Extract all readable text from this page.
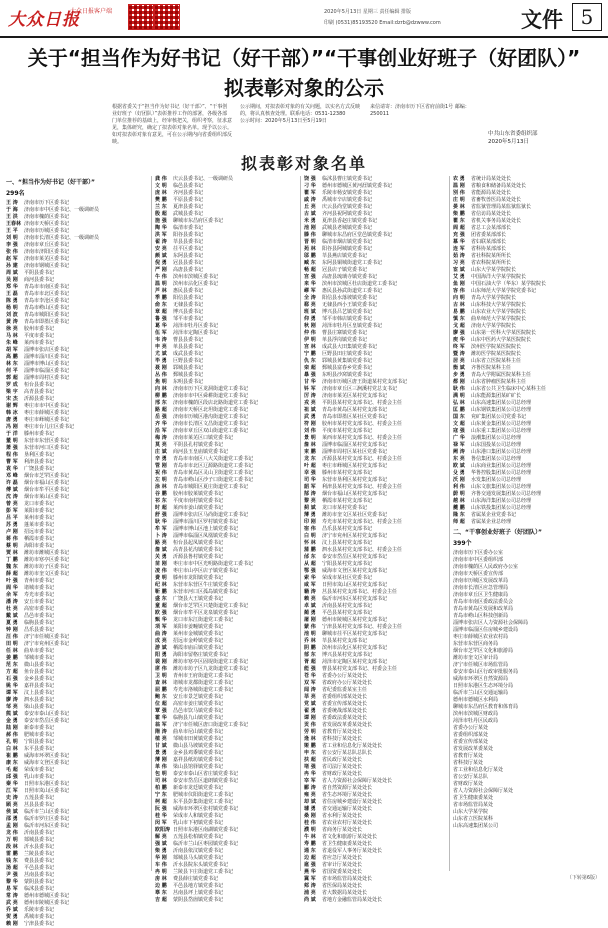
大众日报
大众日报客户端	2020年5月13日 星期三 责任编辑 排版
印刷 (0531)85193520 Email:dzrb@dzwww.com	文件 5
关于“担当作为好书记（好干部）”“干事创业好班子（好团队）”
拟表彰对象的公示
根据省委关于“担当作为好书记（好干部）”、“干事创业好班子（好团队）”表彰推荐工作的部署，各级各部门单位推荐的基础上，经审核把关，组织考察，征求意见，集体研究，确定了拟表彰对象名单。现予以公示。 如对拟表彰对象有意见，可在公示期内向省委组织部反映。
公示期间，对拟表彰对象的有关问题，以实名方式反映的，将认真核查处理。联系电话：0531-12380
公示时间：2020年5月13日至5月19日
来信请寄：济南市历下区省府前街1号 邮编：250011
中共山东省委组织部
2020年5月13日
拟表彰对象名单
一、“担当作为好书记（好干部）”
299名
王 涛	济南市历下区委书记
于 海	济南市市中区委书记、一级调研员
王 洪	济南市槐荫区委书记
王春林 济南市天桥区委书记
王 平	济南市历城区委书记
刘 明	济南市长清区委书记、一级调研员
李 强	济南市章丘区委书记
张 伟	济南市济阳区委书记
赵 军	济南市莱芜区委书记
孙 建	济南市钢城区委书记
周 斌	平阴县委书记
吴 刚	商河县委书记
郑 华	青岛市市南区委书记
王 磊	青岛市市北区委书记
陈 勇	青岛市李沧区委书记
杨 明	青岛市崂山区委书记
刘 波	青岛市城阳区委书记
黄 涛	青岛市即墨区委书记
徐 亮	胶州市委书记
马 林	平度市委书记
朱 峰	莱西市委书记
胡 军	淄博市张店区委书记
高 鹏	淄博市淄川区委书记
林 东	淄博市博山区委书记
何 平	淄博市临淄区委书记
郭 超	淄博市周村区委书记
罗 成	桓台县委书记
梁 宇	高青县委书记
宋 杰	沂源县委书记
谢 辉	枣庄市市中区委书记
韩 冰	枣庄市薛城区委书记
唐 勇	枣庄市峄城区委书记
冯 刚	枣庄市台儿庄区委书记
于 洋	滕州市委书记
董 明	东营市东营区委书记
萧 强	东营市河口区委书记
程 伟	垦利区委书记
曹 军	利津县委书记
袁 华	广饶县委书记
邓 峰	烟台市芝罘区委书记
许 磊	烟台市福山区委书记
傅 斌	烟台市牟平区委书记
沈 涛	烟台市莱山区委书记
曾 亮	龙口市委书记
彭 军	莱阳市委书记
吕 平	莱州市委书记
苏 勇	蓬莱市委书记
卢 刚	招远市委书记
蒋 伟	栖霞市委书记
蔡 明	海阳市委书记
贾 林	潍坊市潍城区委书记
丁 鹏	潍坊市寒亭区委书记
魏 东	潍坊市坊子区委书记
薛 超	潍坊市奎文区委书记
叶 强	青州市委书记
阎 华	诸城市委书记
余 军	寿光市委书记
潘 涛	安丘市委书记
杜 亮	高密市委书记
戴 斌	昌邑市委书记
夏 勇	临朐县委书记
钟 刚	昌乐县委书记
汪 伟	济宁市任城区委书记
田 明	济宁市兖州区委书记
任 林	曲阜市委书记
姜 鹏	邹城市委书记
范 东	微山县委书记
方 超	鱼台县委书记
石 强	金乡县委书记
姚 华	嘉祥县委书记
谭 军	汶上县委书记
廖 涛	泗水县委书记
邹 亮	梁山县委书记
熊 斌	泰安市泰山区委书记
金 勇	泰安市岱岳区委书记
陆 刚	新泰市委书记
郝 伟	肥城市委书记
孔 明	宁阳县委书记
白 林	东平县委书记
崔 鹏	威海市环翠区委书记
康 东	威海市文登区委书记
毛 超	荣成市委书记
邱 强	乳山市委书记
秦 华	日照市东港区委书记
江 军	日照市岚山区委书记
史 涛	五莲县委书记
顾 亮	莒县县委书记
侯 斌	临沂市兰山区委书记
邵 勇	临沂市罗庄区委书记
孟 刚	临沂市河东区委书记
龙 伟	沂南县委书记
万 明	郯城县委书记
段 林	沂水县委书记
雷 鹏	兰陵县委书记
钱 东	费县县委书记
汤 超	平邑县委书记
尹 强	莒南县委书记
黎 华	蒙阴县委书记
易 军	临沭县委书记
常 涛	德州市德城区委书记
武 亮	德州市陵城区委书记
乔 斌	乐陵市委书记
贺 勇	禹城市委书记
赖 刚	宁津县委书记
龚 伟	庆云县委书记、一级调研员
文 明	临邑县委书记
庞 林	齐河县委书记
樊 鹏	平原县委书记
兰 东	夏津县委书记
殷 超	武城县委书记
施 强	聊城市东昌府区委书记
陶 华	临清市委书记
洪 军	阳谷县委书记
翟 涛	莘县县委书记
安 亮	茌平区委书记
颜 斌	东阿县委书记
倪 勇	冠县县委书记
严 刚	高唐县委书记
牛 伟	滨州市滨城区委书记
温 明	滨州市沾化区委书记
芦 林	惠民县委书记
季 鹏	阳信县委书记
俞 东	无棣县委书记
章 超	博兴县委书记
鲁 强	邹平市委书记
葛 华	菏泽市牡丹区委书记
伍 军	菏泽市定陶区委书记
韦 涛	曹县县委书记
申 亮	单县县委书记
尤 斌	成武县委书记
毕 勇	巨野县委书记
聂 刚	郓城县委书记
丛 伟	鄄城县委书记
焦 明	东明县委书记
向 林	济南市历下区龙洞街道党工委书记
柳 鹏	济南市市中区舜耕街道党工委书记
邢 东	济南市槐荫区段店北路街道党工委书记
路 超	济南市天桥区北坦街道党工委书记
岳 强	济南市历城区港沟街道党工委书记
齐 华	济南市长清区文昌街道党工委书记
沿 军	济南市章丘区双山街道党工委书记
梅 涛	济南市莱芜区口镇党委书记
莫 亮	平阴县孔村镇党委书记
庄 斌	商河县玉皇庙镇党委书记
辛 勇	青岛市市南区八大关街道党工委书记
管 刚	青岛市市北区辽源路街道党工委书记
祝 伟	青岛市黄岛区灵山卫街道党工委书记
左 明	青岛市崂山区沙子口街道党工委书记
涂 林	青岛市城阳区夏庄街道党工委书记
谷 鹏	胶州市胶莱镇党委书记
祁 东	平度市南村镇党委书记
时 超	莱西市姜山镇党委书记
舒 强	淄博市张店区马尚街道党工委书记
耿 华	淄博市淄川区罗村镇党委书记
牟 军	淄博市博山区池上镇党委书记
卜 涛	淄博市临淄区凤凰镇党委书记
路 亮	桓台县起凤镇党委书记
詹 斌	高青县花沟镇党委书记
关 勇	沂源县鲁村镇党委书记
苗 刚	枣庄市市中区光明路街道党工委书记
凌 伟	枣庄市山亭区店子镇党委书记
费 明	滕州市龙阳镇党委书记
纪 林	东营市东营区牛庄镇党委书记
靳 鹏	东营市河口区孤岛镇党委书记
盛 东	广饶县大王镇党委书记
童 超	烟台市芝罘区只楚街道党工委书记
欧 强	烟台市牟平区龙泉镇党委书记
甄 华	龙口市东江街道党工委书记
项 军	莱阳市姜疃镇党委书记
曲 涛	莱州市金城镇党委书记
成 亮	招远市金岭镇党委书记
游 斌	栖霞市庙后镇党委书记
阳 勇	海阳市留格庄镇党委书记
裴 刚	潍坊市寒亭区固堤街道党工委书记
席 伟	潍坊市坊子区九龙街道党工委书记
卫 明	青州市王府街道党工委书记
查 林	诸城市龙都街道党工委书记
屈 鹏	寿光市洛城街道党工委书记
鲍 东	安丘市景芝镇党委书记
位 超	高密市姜庄镇党委书记
覃 强	昌邑市饮马镇党委书记
霍 华	临朐县九山镇党委书记
翁 军	济宁市任城区唐口街道党工委书记
隋 涛	曲阜市尼山镇党委书记
植 亮	邹城市田黄镇党委书记
甘 斌	微山县马坡镇党委书记
景 勇	金乡县鸡黍镇党委书记
薄 刚	嘉祥县纸坊镇党委书记
单 伟	梁山县馆驿镇党委书记
包 明	泰安市泰山区省庄镇党委书记
司 林	泰安市岱岳区道朗镇党委书记
柏 鹏	新泰市龙廷镇党委书记
宁 东	肥城市仪阳街道党工委书记
柯 超	东平县彭集街道党工委书记
阮 强	威海市环翠区张村镇党委书记
桂 华	荣成市人和镇党委书记
闵 军	乳山市下初镇党委书记
欧阳涛 日照市东港区南湖镇党委书记
解 亮	五莲县松柏镇党委书记
强 斌	临沂市兰山区枣园镇党委书记
柴 勇	沂南县依汶镇党委书记
华 刚	郯城县马头镇党委书记
车 伟	沂水县院东头镇党委书记
冉 明	兰陵县卞庄街道党工委书记
房 林	费县薛庄镇党委书记
边 鹏	平邑县地方镇党委书记
辜 东	莒南县坪上镇党委书记
吉 超	蒙阴县岱崮镇党委书记
饶 强	临沭县曹庄镇党委书记
刁 华	德州市德城区黄河涯镇党委书记
瞿 军	乐陵市杨安镇党委书记
戚 涛	禹城市辛店镇党委书记
丘 亮	庆云县尚堂镇党委书记
古 斌	齐河县祝阿镇党委书记
米 勇	夏津县香赵庄镇党委书记
池 刚	武城县老城镇党委书记
滕 伟	聊城市东昌府区堂邑镇党委书记
晋 明	临清市烟店镇党委书记
苑 林	阳谷县阿城镇党委书记
邬 鹏	莘县燕店镇党委书记
臧 东	东阿县铜城街道党工委书记
畅 超	冠县店子镇党委书记
宫 强	高唐县琉璃寺镇党委书记
来 华	滨州市滨城区杜店街道党工委书记
嵺 军	惠民县孙武街道党工委书记
全 涛	阳信县水落坡镇党委书记
郗 亮	无棣县西小王镇党委书记
班 斌	博兴县吕艺镇党委书记
仰 勇	邹平市韩店镇党委书记
秋 刚	菏泽市牡丹区皇镇党委书记
仲 伟	曹县庄寨镇党委书记
伊 明	单县浮岗镇党委书记
宫 林	成武县大田集镇党委书记
宁 鹏	巨野县田庄镇党委书记
仇 东	郓城县黄集镇党委书记
栾 超	鄄城县富春乡党委书记
暴 强	东明县沙窝镇党委书记
甘 华	济南市历城区唐王街道某村党支部书记
钭 军	济南市章丘区三涧溪村党总支书记
厉 涛	济南市莱芜区某村党支部书记
戎 亮	平阴县某村党支部书记、村委会主任
祖 斌	青岛市黄岛区某村党支部书记
武 勇	青岛市即墨区某社区党委书记
符 刚	胶州市某村党支部书记、村委会主任
刘 伟	平度市某村党支部书记
景 明	莱西市某村党支部书记、村委会主任
詹 林	淄博市临淄区某村党支部书记
束 鹏	淄博市周村区某社区党委书记
龙 东	沂源县某村党支部书记、村委会主任
叶 超	枣庄市峄城区某村党支部书记
幸 强	滕州市某村党支部书记
司 华	东营市垦利区某村党支部书记
韶 军	利津县某村党支部书记、村委会主任
郜 涛	烟台市福山区某村党支部书记
黎 亮	栖霞市某村党支部书记
蓟 斌	龙口市某村党委书记
薄 勇	潍坊市奎文区某社区党委书记
印 刚	寿光市某村党支部书记、村委会主任
宿 伟	昌乐县某村党支部书记
白 明	济宁市兖州区某村党支部书记
怀 林	汶上县某村党支部书记
蒲 鹏	泗水县某村党支部书记、村委会主任
邰 东	泰安市岱岳区某村党支部书记
从 超	宁阳县某村党支部书记
鄂 强	威海市文登区某村党支部书记
索 华	荣成市某社区党委书记
咸 军	日照市岚山区某村党支部书记
籍 涛	莒县某村党支部书记、村委会主任
赖 亮	临沂市河东区某村党支部书记
卓 斌	沂南县某村党支部书记
蔺 勇	平邑县某村党支部书记
屠 刚	德州市陵城区某村党支部书记
蒙 伟	宁津县某村党支部书记、村委会主任
池 明	聊城市茌平区某村党支部书记
乔 林	莘县某村党支部书记
阴 鹏	滨州市沾化区某村党支部书记
郁 东	博兴县某村党支部书记
胥 超	菏泽市定陶区某村党支部书记
能 强	曹县某村党支部书记、村委会主任
苍 华	省委办公厅某处处长
双 军	省政府办公厅某处处长
闻 涛	省纪委监委某室主任
莘 亮	省委组织部某处处长
党 斌	省委宣传部某处处长
翟 勇	省委统战部某处处长
谭 刚	省委政法委某处处长
贡 伟	省发展改革委某处处长
劳 明	省教育厅某处处长
逄 林	省科技厅某处处长
姬 鹏	省工业和信息化厅某处处长
申 东	省公安厅某总队总队长
扶 超	省民政厅某处处长
堵 强	省司法厅某处处长
冉 华	省财政厅某处处长
宰 军	省人力资源社会保障厅某处处长
郦 涛	省自然资源厅某处处长
雍 亮	省生态环境厅某处处长
却 斌	省住房城乡建设厅某处处长
璩 勇	省交通运输厅某处处长
桑 刚	省水利厅某处处长
桂 伟	省农业农村厅某处处长
濮 明	省商务厅某处处长
牛 林	省文化和旅游厅某处处长
寿 鹏	省卫生健康委某处处长
通 东	省退役军人事务厅某处处长
边 超	省应急厅某处处长
扈 强	省审计厅某处处长
燕 华	省国资委某处处长
冀 军	省市场监管局某处处长
郏 涛	省医保局某处处长
浦 亮	省大数据局某处处长
尚 斌	省地方金融监管局某处处长
农 勇	省统计局某处处长
温 刚	省粮食和储备局某处处长
别 伟	省能源局某处处长
庄 明	省畜牧兽医局某处处长
晏 林	省监狱管理局某监狱监狱长
柴 鹏	省信访局某处处长
瞿 东	省机关事务局某处处长
阎 超	省总工会某部部长
充 强	团省委某部部长
慕 华	省妇联某部部长
连 军	省科协某部部长
茹 涛	省社科院某所所长
习 亮	省农科院某所所长
宦 斌	山东大学某学院院长
艾 勇	中国海洋大学某学院院长
鱼 刚	中国石油大学（华东）某学院院长
容 伟	山东师范大学某学院党委书记
向 明	青岛大学某学院院长
古 林	山东科技大学某学院院长
易 鹏	山东农业大学某学院院长
慎 东	曲阜师范大学某学院院长
戈 超	济南大学某学院院长
廖 强	山东第一医科大学某医院院长
庾 华	山东中医药大学某医院院长
终 军	滨州医学院某医院院长
暨 涛	潍坊医学院某医院院长
居 亮	山东省立医院某科主任
衡 斌	齐鲁医院某科主任
步 勇	青岛大学附属医院某科主任
都 刚	山东省肿瘤医院某科主任
耿 伟	山东省公共卫生临床中心某科主任
满 明	山东能源集团某矿矿长
弘 林	山东高速集团某公司总经理
匡 鹏	山东钢铁集团某公司总经理
国 东	兖矿集团某公司党委书记
文 超	山东黄金集团某公司总经理
寇 强	山东重工集团某公司总经理
广 华	浪潮集团某公司总经理
禄 军	山东国投某公司总经理
阙 涛	山东港口集团某公司总经理
东 亮	鲁信集团某公司总经理
欧 斌	山东商业集团某公司总经理
殳 勇	华鲁控股集团某公司总经理
沃 刚	水发集团某公司总经理
利 伟	山东文旅集团某公司总经理
蔚 明	齐鲁交通发展集团某公司总经理
越 林	山东海洋集团某公司总经理
夔 鹏	山东铁投集团某公司总经理
隆 东	省属某企业党委书记
师 超	省属某企业总经理
二、“干事创业好班子（好团队）”
399个
济南市历下区委办公室
济南市市中区委组织部
济南市槐荫区人民政府办公室
济南市天桥区委宣传部
济南市历城区发展改革局
济南市长清区应急管理局
济南市章丘区卫生健康局
青岛市市南区委政法委员会
青岛市黄岛区发展和改革局
青岛市崂山区科技创新局
淄博市张店区人力资源社会保障局
淄博市临淄区住房城乡建设局
枣庄市薛城区农业农村局
东营市东营区商务局
烟台市芝罘区文化和旅游局
潍坊市奎文区审计局
济宁市任城区市场监管局
泰安市泰山区行政审批服务局
威海市环翠区自然资源局
日照市东港区生态环境分局
临沂市兰山区交通运输局
德州市德城区水利局
聊城市东昌府区教育和体育局
滨州市滨城区财政局
菏泽市牡丹区民政局
省委办公厅某处
省委组织部某处
省委宣传部某处
省发展改革委某处
省教育厅某处
省科技厅某处
省工业和信息化厅某处
省公安厅某总队
省财政厅某处
省人力资源社会保障厅某处
省卫生健康委某处
省市场监管局某处
山东大学某学院
山东省立医院某科
山东高速集团某公司
（下转第6版）
